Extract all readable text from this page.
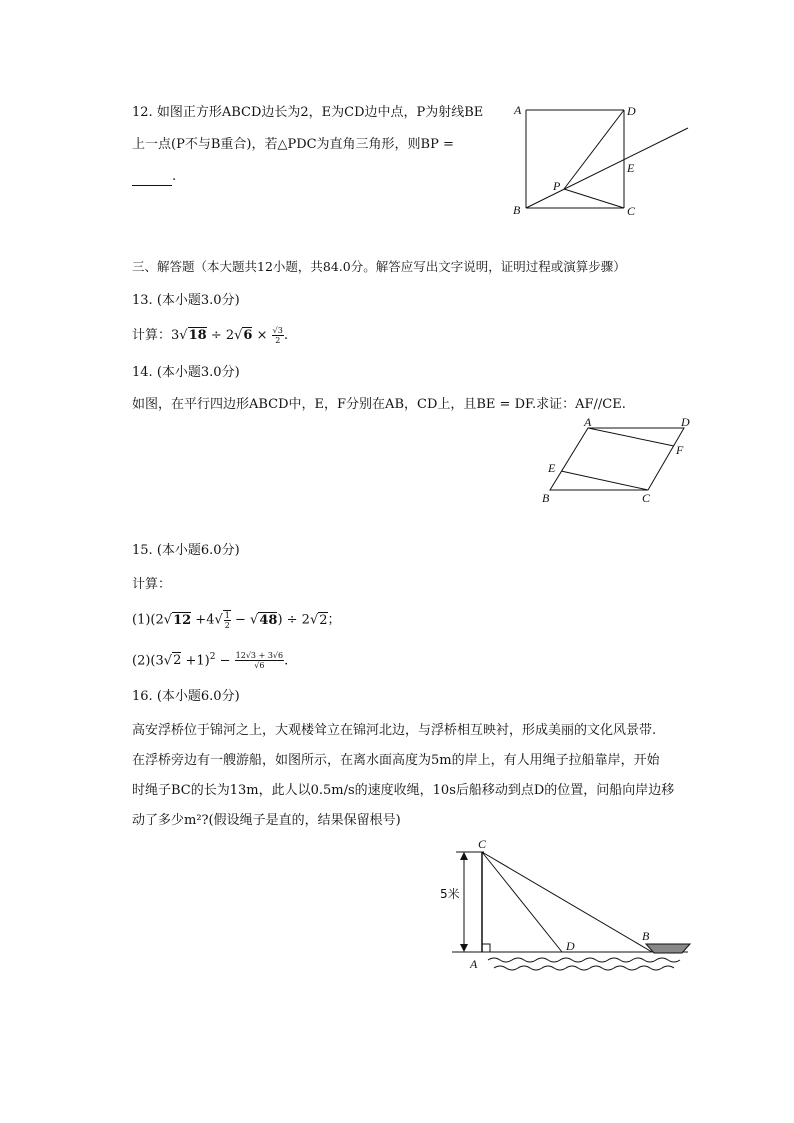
12. 如图正方形ABCD边长为2，E为CD边中点，P为射线BE
上一点(P不与B重合)，若△PDC为直角三角形，则BP =
.
A	D
E
P
B	C
三、解答题（本大题共12小题，共84.0分。解答应写出文字说明，证明过程或演算步骤）
13. (本小题3.0分)
计算：$3√18 \div 2√6 \times \frac{√3}{2}$ .
14. (本小题3.0分)
如图，在平行四边形ABCD中，E，F分别在AB，CD上，且BE = DF.求证：AF//CE.
A	D
F
E
B	C
15. (本小题6.0分)
计算：
$(1)(2√12 +4√ \frac{1}{2} - √48) \div 2√2$；
$(2)(3√2 +1)^2 - \frac{12√3 + 3√6}{√6}$ .
16. (本小题6.0分)
高安浮桥位于锦河之上，大观楼耸立在锦河北边，与浮桥相互映衬，形成美丽的文化风景带.
在浮桥旁边有一艘游船，如图所示，在离水面高度为5m的岸上，有人用绳子拉船靠岸，开始
时绳子BC的长为13m，此人以0.5m/s的速度收绳，10s后船移动到点D的位置，问船向岸边移
动了多少m²?(假设绳子是直的，结果保留根号)
5米
C
A
D
B
